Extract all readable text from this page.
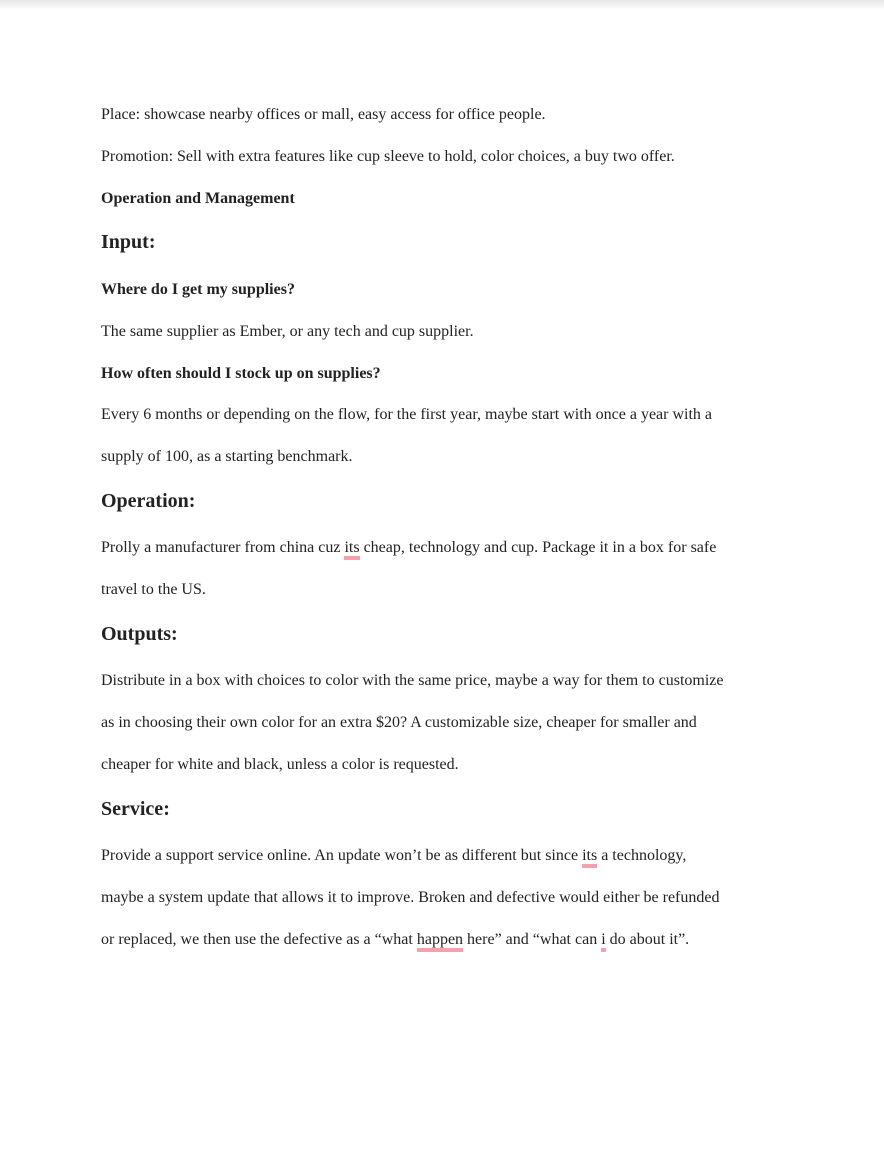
Place: showcase nearby offices or mall, easy access for office people.
Promotion: Sell with extra features like cup sleeve to hold, color choices, a buy two offer.
Operation and Management
Input:
Where do I get my supplies?
The same supplier as Ember, or any tech and cup supplier.
How often should I stock up on supplies?
Every 6 months or depending on the flow, for the first year, maybe start with once a year with a
supply of 100, as a starting benchmark.
Operation:
Prolly a manufacturer from china cuz its cheap, technology and cup. Package it in a box for safe
travel to the US.
Outputs:
Distribute in a box with choices to color with the same price, maybe a way for them to customize
as in choosing their own color for an extra $20? A customizable size, cheaper for smaller and
cheaper for white and black, unless a color is requested.
Service:
Provide a support service online. An update won’t be as different but since its a technology,
maybe a system update that allows it to improve. Broken and defective would either be refunded
or replaced, we then use the defective as a “what happen here” and “what can i do about it”.
